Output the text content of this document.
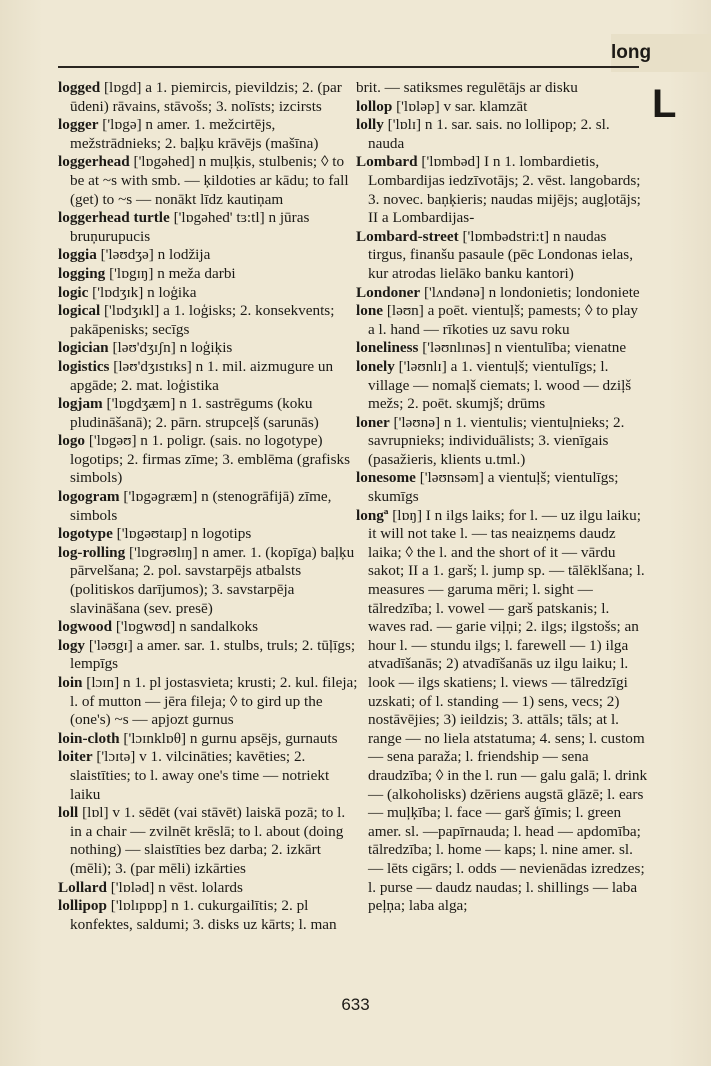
long
L

logged [lɒgd] a 1. piemircis, pievildzis; 2. (par ūdeni) rāvains, stāvošs; 3. nolīsts; izcirsts

logger ['lɒgə] n amer. 1. mežcirtējs, mežstrādnieks; 2. baļķu krāvējs (mašīna)

loggerhead ['lɒgəhed] n muļķis, stulbenis; ◊ to be at ~s with smb. — ķildoties ar kādu; to fall (get) to ~s — nonākt līdz kautiņam

loggerhead turtle ['lɒgəhed' tɜ:tl] n jūras bruņurupucis

loggia ['ləʊdʒə] n lodžija

logging ['lɒgɪŋ] n meža darbi

logic ['lɒdʒɪk] n loģika

logical ['lɒdʒɪkl] a 1. loģisks; 2. konsekvents; pakāpenisks; secīgs

logician [ləʊ'dʒɪʃn] n loģiķis

logistics [ləʊ'dʒɪstɪks] n 1. mil. aizmugure un apgāde; 2. mat. loģistika

logjam ['lɒgdʒæm] n 1. sastrēgums (koku pludināšanā); 2. pārn. strupceļš (sarunās)

logo ['lɒgəʊ] n 1. poligr. (sais. no logotype) logotips; 2. firmas zīme; 3. emblēma (grafisks simbols)

logogram ['lɒgəgræm] n (stenogrāfijā) zīme, simbols

logotype ['lɒgəʊtaɪp] n logotips

log-rolling ['lɒgrəʊlɪŋ] n amer. 1. (kopīga) baļķu pārvelšana; 2. pol. savstarpējs atbalsts (politiskos darījumos); 3. savstarpēja slavināšana (sev. presē)

logwood ['lɒgwʊd] n sandalkoks

logy ['ləʊgɪ] a amer. sar. 1. stulbs, truls; 2. tūļīgs; lempīgs

loin [lɔɪn] n 1. pl jostasvieta; krusti; 2. kul. fileja; l. of mutton — jēra fileja; ◊ to gird up the (one's) ~s — apjozt gurnus

loin-cloth ['lɔɪnklɒθ] n gurnu apsējs, gurnauts

loiter ['lɔɪtə] v 1. vilcināties; kavēties; 2. slaistīties; to l. away one's time — notriekt laiku

loll [lɒl] v 1. sēdēt (vai stāvēt) laiskā pozā; to l. in a chair — zvilnēt krēslā; to l. about (doing nothing) — slaistīties bez darba; 2. izkārt (mēli); 3. (par mēli) izkārties

Lollard ['lɒləd] n vēst. lolards

lollipop ['lɒlɪpɒp] n 1. cukurgailītis; 2. pl konfektes, saldumi; 3. disks uz kārts; l. man

brit. — satiksmes regulētājs ar disku

lollop ['lɒləp] v sar. klamzāt

lolly ['lɒlɪ] n 1. sar. sais. no lollipop; 2. sl. nauda

Lombard ['lɒmbəd] I n 1. lombardietis, Lombardijas iedzīvotājs; 2. vēst. langobards; 3. novec. baņķieris; naudas mijējs; augļotājs; II a Lombardijas-

Lombard-street ['lɒmbədstri:t] n naudas tirgus, finanšu pasaule (pēc Londonas ielas, kur atrodas lielāko banku kantori)

Londoner ['lʌndənə] n londonietis; londoniete

lone [ləʊn] a poēt. vientuļš; pamests; ◊ to play a l. hand — rīkoties uz savu roku

loneliness ['ləʊnlɪnəs] n vientulība; vienatne

lonely ['ləʊnlɪ] a 1. vientuļš; vientulīgs; l. village — nomaļš ciemats; l. wood — dziļš mežs; 2. poēt. skumjš; drūms

loner ['ləʊnə] n 1. vientulis; vientuļnieks; 2. savrupnieks; individuālists; 3. vienīgais (pasažieris, klients u.tml.)

lonesome ['ləʊnsəm] a vientuļš; vientulīgs; skumīgs

longª [lɒŋ] I n ilgs laiks; for l. — uz ilgu laiku; it will not take l. — tas neaizņems daudz laika; ◊ the l. and the short of it — vārdu sakot; II a 1. garš; l. jump sp. — tālēklšana; l. measures — garuma mēri; l. sight — tālredzība; l. vowel — garš patskanis; l. waves rad. — garie viļņi; 2. ilgs; ilgstošs; an hour l. — stundu ilgs; l. farewell — 1) ilga atvadīšanās; 2) atvadīšanās uz ilgu laiku; l. look — ilgs skatiens; l. views — tālredzīgi uzskati; of l. standing — 1) sens, vecs; 2) nostāvējies; 3) ieildzis; 3. attāls; tāls; at l. range — no liela atstatuma; 4. sens; l. custom — sena paraža; l. friendship — sena draudzība; ◊ in the l. run — galu galā; l. drink — (alkoholisks) dzēriens augstā glāzē; l. ears — muļķība; l. face — garš ģīmis; l. green amer. sl. —papīrnauda; l. head — apdomība; tālredzība; l. home — kaps; l. nine amer. sl. — lēts cigārs; l. odds — nevienādas izredzes; l. purse — daudz naudas; l. shillings — laba peļņa; laba alga;

633
